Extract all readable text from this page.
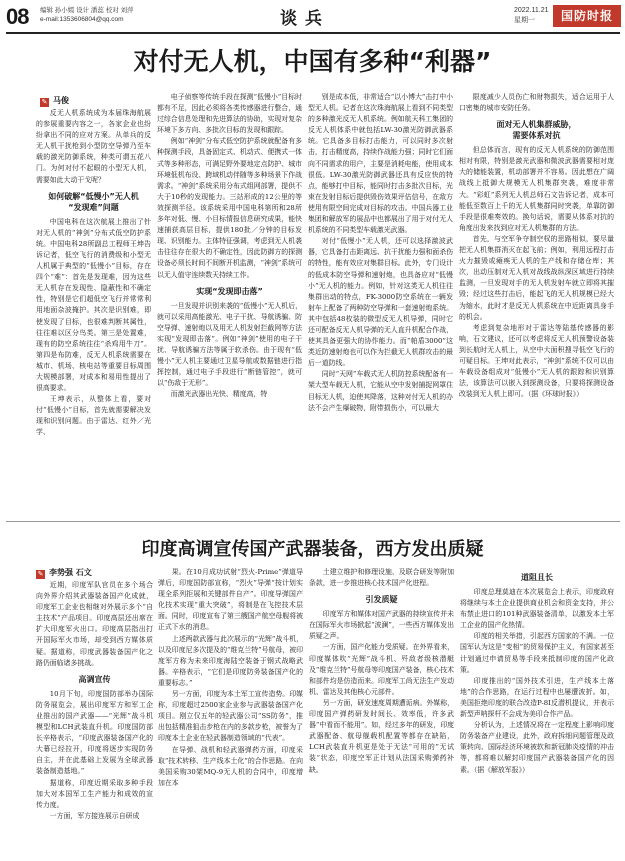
08 编辑 孙小嫣 设计 潘蕊 校对 刘萍
e-mail:1353606804@qq.com	谈兵	2022.11.21
星期一	国防时报
对付无人机，中国有多种“利器”
✎ 马俊

反无人机系统成为本届珠海航展的参展重要内容之一，各家企业也纷纷拿出不同的应对方案。从单兵的反无人机干扰枪到小型防空导弹乃至车载的激光防御系统，种类可谓五花八门。为何对付不起眼的小型无人机，需要如此大动干戈呢？

如何破解“低慢小”无人机
“发现难”问题

中国电科在这次航展上推出了针对无人机的“神剑”分布式低空防护系统。中国电科28所副总工程师王坤告诉记者，低空飞行的消费级和小型无人机属于典型的“低慢小”目标，存在四个“难”：首先是发现难，因为这些无人机存在发现性、隐蔽性和不确定性，特别是它们超低空飞行并常常利用地面杂波掩护。其次是识别难，即使发现了目标，也很难判断其属性，往往难以区分鸟类。第三是处置难，现有的防空系统往往“杀鸡用牛刀”。第四是布防难，反无人机系统需要在城市、机场、核电站等重要目标周围大规模部署，对成本和易用性提出了很高要求。

王坤表示，从整体上看，要对付“低慢小”目标，首先就需要解决发现和识别问题。由于雷达、红外／光学、

电子侦察等传统手段在探测“低慢小”目标时都有不足，因此必须将各类传感器进行整合，通过综合信息处理和先进算法的协助，实现对复杂环境下多方向、多批次目标的发现和跟踪。

例如“神剑”分布式低空防护系统就配备有多种探测手段，具备固定式、机动式、便携式一体式等多种形态，可满足野外要地定点防护、城市环境低机布设、跨域机动伴随等多种场景下作战需求。“神剑”系统采用分布式组网部署，提供不大于10秒的发现能力。三站形成的12公里的等效探测半径。该系统采用中国电科第所和28所多年对低、慢、小目标情报信息研究成果，能快速捕获高层目标，提供180批／分钟的目标发现、识别能力。主体特征强调，考虑到无人机袭击往往存在很大的不确定性，因此防御方的探测设备必须长时间不间断开机监测，“神剑”系统可以无人值守连续数天持续工作。

实现“发现即击落”

一旦发现并识别来袭的“低慢小”无人机后，就可以采用高能激光、电子干扰、导航诱骗、防空导弹、速射炮以及用无人机发射拦截网等方法实现“发现即击落”。例如“神剑”使用的电子干扰、导航诱骗方法等属于软杀伤。由于现有“低慢小”无人机主要通过卫星导航或数据链进行指挥控制，通过电子手段进行“断链管控”，就可以“伤敌于无形”。

而激光武器出光快、精度高，特

别是成本低，非常适合“以小博大”击打中小型无人机。记者在这次珠海航展上看到不同类型的多种激光反无人机系统。例如航天科工集团的反无人机体系中就包括LW-30激光防御武器系统。它具备多目标打击能力，可以同时多次射击，打击精度高，持续作战能力强；同时它们面向不同需求的用户，主要是消耗电能，使用成本很低。LW-30激光防御武器还具有反应快的特点，能够打中目标，能同时打击多批次目标，光束在发射目标后提供毁伤效果评估信号，在敌方使用有限空间完成对目标的攻击。中国兵器工业集团和解放军的展品中也都展出了用于对付无人机系统的不同类型车载激光武器。

对付“低慢小”无人机，还可以选择激波武器，它具备打击距离远、抗干扰能力强和面杀伤的特性，能有效应对集群目标。此外，专门设计的低成本防空导弹和速射炮，也具备应对“低慢小”无人机的能力。例如，针对这类无人机往往集群出动的特点，FK-3000防空系统在一辆发射车上配备了两种防空导弹和一套速射炮系统。其中包括48枚装的微型反无人机导弹，同时它还可配备反无人机导弹的无人直升机配合作战，使其具备更强大的协作能力。而“帕盾3000”这类近防速射炮也可以作为拦截无人机群攻击的最后一道防线。

同时“天网”车载式无人机防控系统配备有一架大型车载无人机，它能从空中发射捕捉网罩住目标无人机，迫使其降落，这种对付无人机的办法不会产生爆破物，附带损伤小，可以最大

限度减少人员伤亡和财物损失，适合运用于人口密集的城市安防任务。

面对无人机集群威胁，
需要体系对抗

但总体而言，现有的反无人机系统的防御范围相对有限，特别是激光武器和微波武器需要相对庞大的储能装置，机动部署并不容易。因此想在广阔战线上抵御大规模无人机集群突袭，难度非常大。“彩虹”系列无人机总师石文告诉记者，成本可能低至数百上千的无人机集群同时突袭，单靠防御手段是很难奏效的。换句话说，需要从体系对抗的角度出发来找到应对无人机集群的方法。

首先，与空军争夺制空权的思路相似，要尽量把无人机集群消灭在起飞前；例如，利用远程打击火力摧毁或瘫痪无人机的生产线和存储仓库；其次，出动压制对无人机对战线战纵深区域进行持续监测，一旦发现对手的无人机发射车就立即将其摧毁；经过这些打击后，能起飞的无人机规模已经大为缩水，此时才是反无人机系统在中近距离具身手的机会。

考虑到复杂地形对于雷达等陆基传感器的影响，石文建议，还可以考虑将反无人机预警设备装到长航时无人机上，从空中大面积搜寻低空飞行的可疑目标。王坤对此表示，“神剑”系统不仅可以由车载设备组成对“低慢小”无人机的跟踪和识别算法，该算法可以嵌入到探测设备，只要将探测设备改装到无人机上即可。（据《环球时报》）

印度高调宣传国产武器装备，西方发出质疑
✎ 李势强 石文

近期，印度军队官员在多个场合向外界介绍其武器装备国产化成就，印度军工企业也相继对外展示多个“自主技术”产品项目。印度高层还出席在扩大印度军火出口。印度高层指出打开国际军火市场，却受到西方媒体质疑。据道称，印度武器装备国产化之路仍面临诸多挑战。

高调宣传

10月下旬，印度国防部举办国际防务展览会，展出印度军方和军工企业推出的国产武器——“光辉”战斗机模型和LCH武装直升机。印度国防部长辛格表示，“印度武器装备国产化的大幕已经拉开，印度将逐步实现防务自主，并在此基础上发展为全球武器装备制造基地。”

据道称，印度近期采取多种手段加大对本国军工生产能力和成效的宣传力度。

一方面，军方接连展示自研成

果。在10月成功试射“烈火-Prime”弹道导弹后，印度国防部宣称，“烈火”导弹“按计划实现全系列拒展和关键部件自产”。印度导弹国产化技术实现“重大突破”，将制是在飞控技术层面。同时，印度宣布了第三艘国产航空母舰将被正式下水的消息。

上述两款武器与此次展示的“光辉”战斗机，以及印度尼多次提及的“维克兰特”号航母，被印度军方称为未来印度海陆空装备于钢式战略武器。辛格表示，“它们是印度防务装备国产化的重要标志。”

另一方面，印度为本土军工宣传造势。印媒称，印度超过2500家企业参与武器装备国产化项目。刚立仅五年的轻武器公司“SS防务”，推出包括精准狙击步枪在内的多款步枪，被誉为了印度本土企业在轻武器制造领域的“代表”。

在导弹、战机和轻武器弹药方面，印度采取“技术转移、生产线本土化”的合作思路。在向美国采购30架MQ-9无人机的合同中，印度增加在本

土建立维护和修理设施、及联合研发等附加条款，进一步推进核心技术国产化进程。

引发质疑

印度军方和媒体对国产武器的持续宣传并未在国际军火市场掀起“波澜”，一些西方媒体发出质疑之声。

一方面，国产化能力受质疑。在外界看来，印度媒体吹“光辉”战斗机、歼敌者级核潜艇及“维克兰特”号航母等印度国产装备，核心技术和部件均是仿造而来。印度军工尚无法生产发动机、雷达及其他核心元部件。

另一方面，研发速度周期遭诟病。外媒称，印度国产弹药研发时间长、效率低，许多武器“中看而不能用”。如，经过多年的研发，印度武器配备、航母舰载机配置等都存在缺陷，LCH武装直升机更是处于无法“可用的”无试装“状态，印度空军正计划从法国采购弹药补缺。

道阻且长

印度总理莫迪在本次展览会上表示，印度政府将继续与本土企业提供商业机会和资金支持，并公布禁止进口的101种武器装备清单，以激发本土军工企业的国产化热情。

印度的相关举措，引起西方国家的不满。一位国军认为这是“变相”的贸易保护主义，有国家甚至计划通过申请贸易等手段来抵制印度的国产化政策。

印度推出的“国外技术引进，生产线本土落地”的合作思路，在运行过程中也屡遭波折。如，美国拒绝印度的联合改造P-8I反潜机提议，并表示新型声呐探杆不会成为美印合作产品。

分析认为，上述情况将在一定程度上影响印度防务装备产业建设，此外，政府拆细问题管理及政策转向、国际经济环境被软和新冠肺炎疫情的冲击等，都将难以解封印度国产武器装备国产化的因素。（据《解放军报》）
